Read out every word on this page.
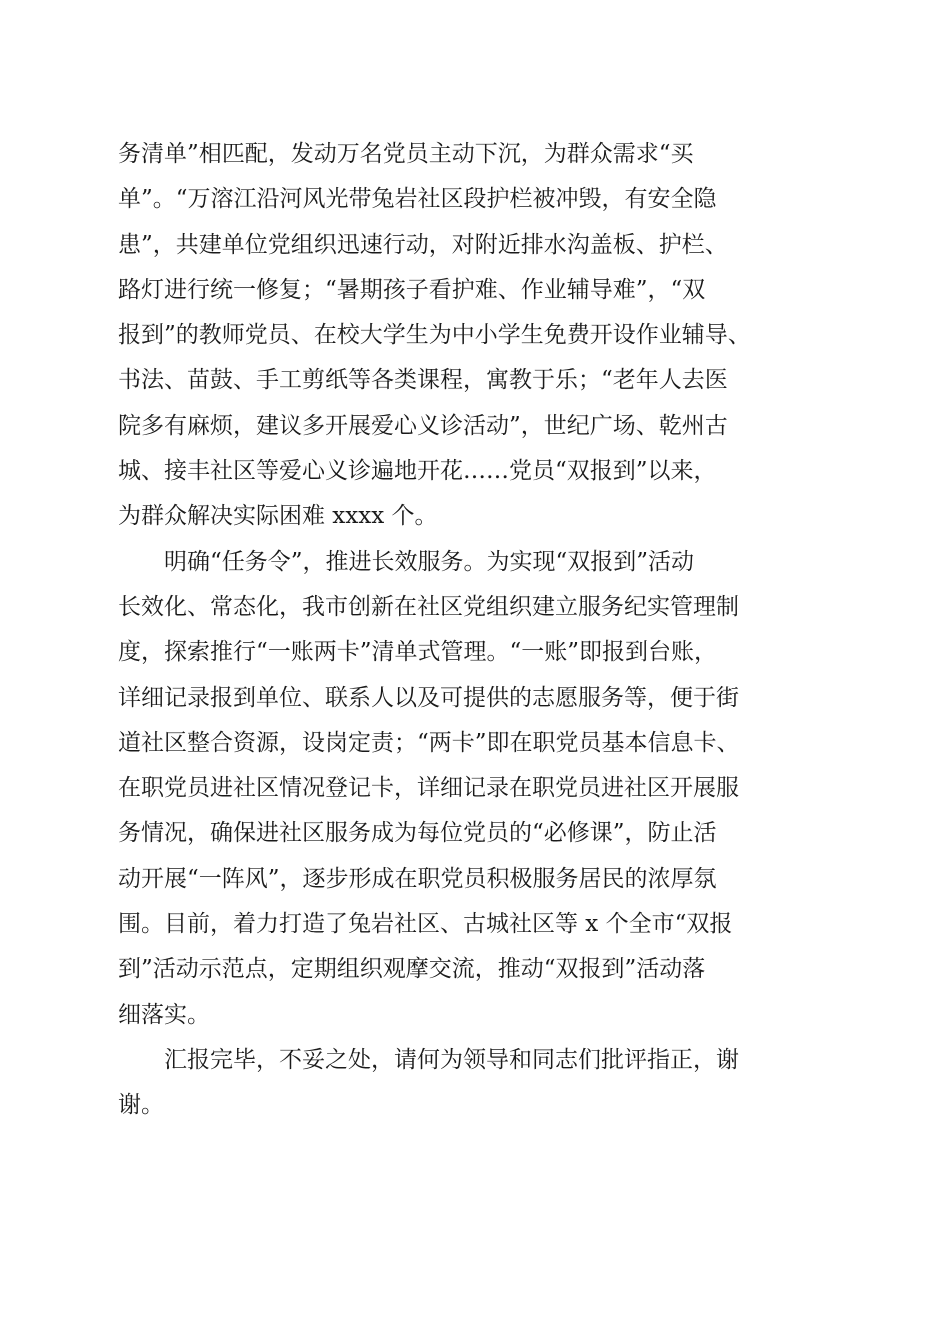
务清单”相匹配，发动万名党员主动下沉，为群众需求“买
单”。“万溶江沿河风光带兔岩社区段护栏被冲毁，有安全隐
患”，共建单位党组织迅速行动，对附近排水沟盖板、护栏、
路灯进行统一修复；“暑期孩子看护难、作业辅导难”，“双
报到”的教师党员、在校大学生为中小学生免费开设作业辅导、
书法、苗鼓、手工剪纸等各类课程，寓教于乐；“老年人去医
院多有麻烦，建议多开展爱心义诊活动”，世纪广场、乾州古
城、接丰社区等爱心义诊遍地开花……党员“双报到”以来，
为群众解决实际困难 xxxx 个。
明确“任务令”，推进长效服务。为实现“双报到”活动
长效化、常态化，我市创新在社区党组织建立服务纪实管理制
度，探索推行“一账两卡”清单式管理。“一账”即报到台账，
详细记录报到单位、联系人以及可提供的志愿服务等，便于街
道社区整合资源，设岗定责；“两卡”即在职党员基本信息卡、
在职党员进社区情况登记卡，详细记录在职党员进社区开展服
务情况，确保进社区服务成为每位党员的“必修课”，防止活
动开展“一阵风”，逐步形成在职党员积极服务居民的浓厚氛
围。目前，着力打造了兔岩社区、古城社区等 x 个全市“双报
到”活动示范点，定期组织观摩交流，推动“双报到”活动落
细落实。
汇报完毕，不妥之处，请何为领导和同志们批评指正，谢
谢。
